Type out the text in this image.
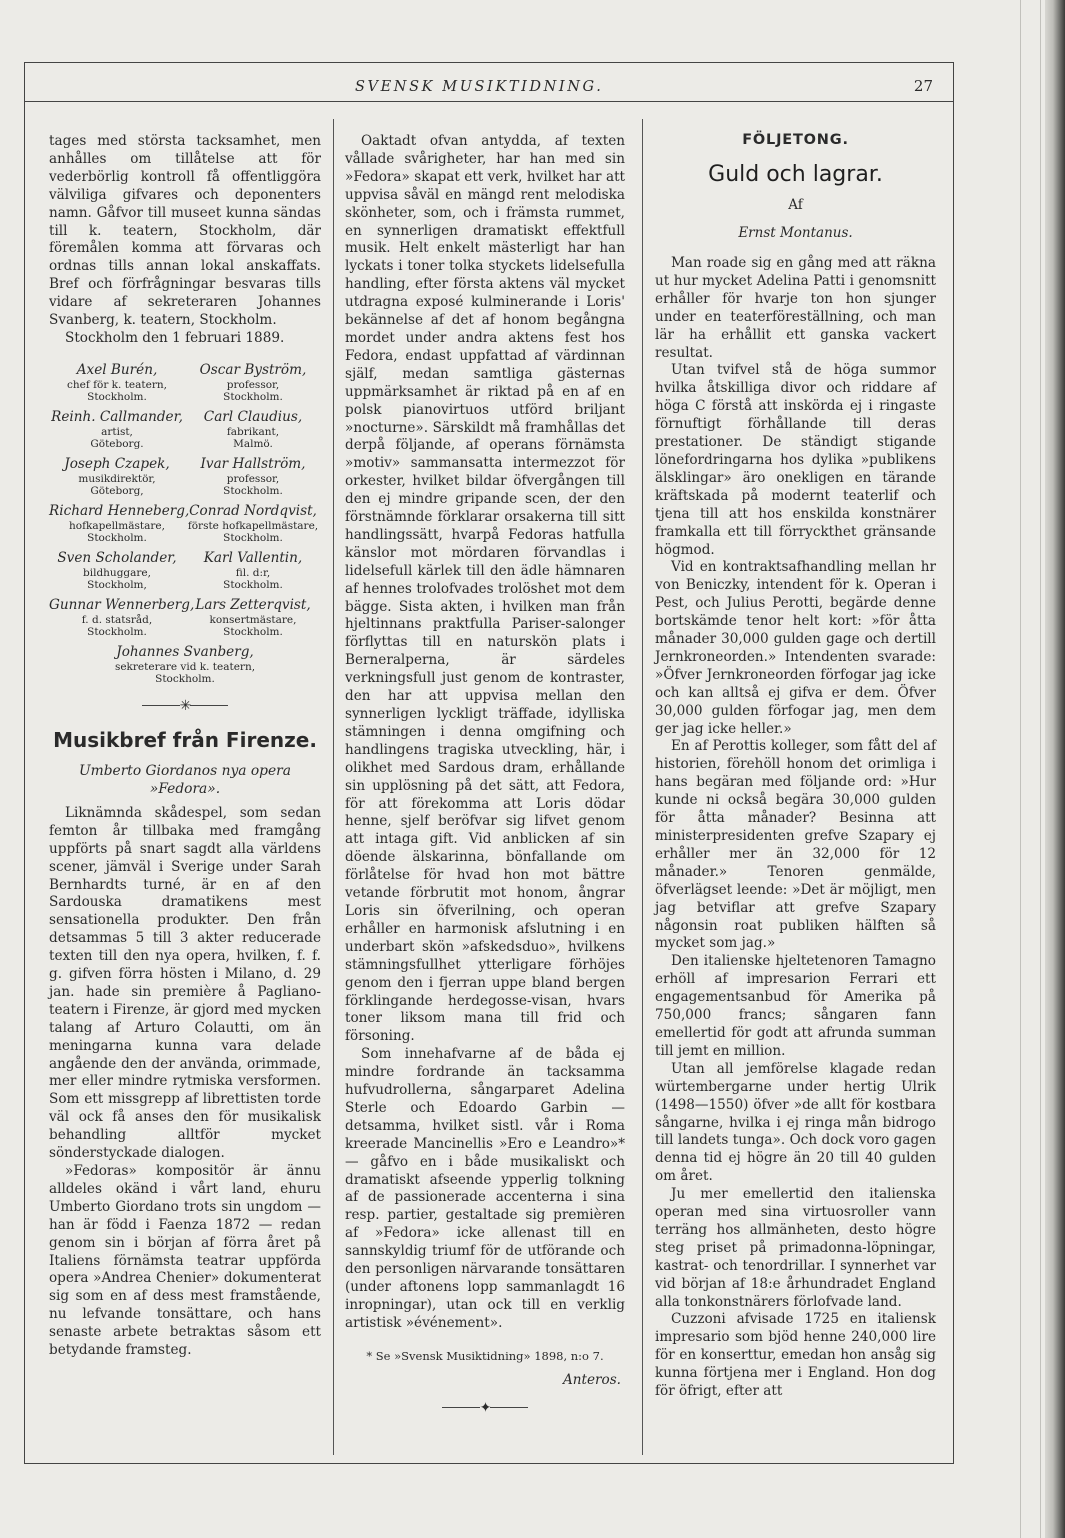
SVENSK MUSIKTIDNING.	27

tages med största tacksamhet, men anhålles om tillåtelse att för vederbörlig kontroll få offentliggöra välviliga gifvares och deponenters namn. Gåfvor till museet kunna sändas till k. teatern, Stockholm, där föremålen komma att förvaras och ordnas tills annan lokal anskaffats. Bref och förfrågningar besvaras tills vidare af sekreteraren Johannes Svanberg, k. teatern, Stockholm.

Stockholm den 1 februari 1889.

Axel Burén,
chef för k. teatern,
Stockholm.
Oscar Byström,
professor,
Stockholm.
Reinh. Callmander,
artist,
Göteborg.
Carl Claudius,
fabrikant,
Malmö.
Joseph Czapek,
musikdirektör,
Göteborg,
Ivar Hallström,
professor,
Stockholm.
Richard Henneberg,
hofkapellmästare,
Stockholm.
Conrad Nordqvist,
förste hofkapellmästare,
Stockholm.
Sven Scholander,
bildhuggare,
Stockholm,
Karl Vallentin,
fil. d:r,
Stockholm.
Gunnar Wennerberg,
f. d. statsråd,
Stockholm.
Lars Zetterqvist,
konsertmästare,
Stockholm.
Johannes Svanberg,
sekreterare vid k. teatern,
Stockholm.
✳
Musikbref från Firenze.
Umberto Giordanos nya opera »Fedora».

Liknämnda skådespel, som sedan femton år tillbaka med framgång uppförts på snart sagdt alla världens scener, jämväl i Sverige under Sarah Bernhardts turné, är en af den Sardouska dramatikens mest sensationella produkter. Den från detsammas 5 till 3 akter reducerade texten till den nya opera, hvilken, f. f. g. gifven förra hösten i Milano, d. 29 jan. hade sin première å Pagliano-teatern i Firenze, är gjord med mycken talang af Arturo Colautti, om än meningarna kunna vara delade angående den der använda, orimmade, mer eller mindre rytmiska versformen. Som ett missgrepp af librettisten torde väl ock få anses den för musikalisk behandling alltför mycket sönderstyckade dialogen.

»Fedoras» kompositör är ännu alldeles okänd i vårt land, ehuru Umberto Giordano trots sin ungdom — han är född i Faenza 1872 — redan genom sin i början af förra året på Italiens förnämsta teatrar uppförda opera »Andrea Chenier» dokumenterat sig som en af dess mest framstående, nu lefvande tonsättare, och hans senaste arbete betraktas såsom ett betydande framsteg.

Oaktadt ofvan antydda, af texten vållade svårigheter, har han med sin »Fedora» skapat ett verk, hvilket har att uppvisa såväl en mängd rent melodiska skönheter, som, och i främsta rummet, en synnerligen dramatiskt effektfull musik. Helt enkelt mästerligt har han lyckats i toner tolka styckets lidelsefulla handling, efter första aktens väl mycket utdragna exposé kulminerande i Loris' bekännelse af det af honom begångna mordet under andra aktens fest hos Fedora, endast uppfattad af värdinnan själf, medan samtliga gästernas uppmärksamhet är riktad på en af en polsk pianovirtuos utförd briljant »nocturne». Särskildt må framhållas det derpå följande, af operans förnämsta »motiv» sammansatta intermezzot för orkester, hvilket bildar öfvergången till den ej mindre gripande scen, der den förstnämnde förklarar orsakerna till sitt handlingssätt, hvarpå Fedoras hatfulla känslor mot mördaren förvandlas i lidelsefull kärlek till den ädle hämnaren af hennes trolofvades trolöshet mot dem bägge. Sista akten, i hvilken man från hjeltinnans praktfulla Pariser-salonger förflyttas till en naturskön plats i Berneralperna, är särdeles verkningsfull just genom de kontraster, den har att uppvisa mellan den synnerligen lyckligt träffade, idylliska stämningen i denna omgifning och handlingens tragiska utveckling, här, i olikhet med Sardous dram, erhållande sin upplösning på det sätt, att Fedora, för att förekomma att Loris dödar henne, sjelf beröfvar sig lifvet genom att intaga gift. Vid anblicken af sin döende älskarinna, bönfallande om förlåtelse för hvad hon mot bättre vetande förbrutit mot honom, ångrar Loris sin öfverilning, och operan erhåller en harmonisk afslutning i en underbart skön »afskedsduo», hvilkens stämningsfullhet ytterligare förhöjes genom den i fjerran uppe bland bergen förklingande herdegosse-visan, hvars toner liksom mana till frid och försoning.

Som innehafvarne af de båda ej mindre fordrande än tacksamma hufvudrollerna, sångarparet Adelina Sterle och Edoardo Garbin — detsamma, hvilket sistl. vår i Roma kreerade Mancinellis »Ero e Leandro»* — gåfvo en i både musikaliskt och dramatiskt afseende ypperlig tolkning af de passionerade accenterna i sina resp. partier, gestaltade sig premièren af »Fedora» icke allenast till en sannskyldig triumf för de utförande och den personligen närvarande tonsättaren (under aftonens lopp sammanlagdt 16 inropningar), utan ock till en verklig artistisk »événement».

* Se »Svensk Musiktidning» 1898, n:o 7.
Anteros.
✦
FÖLJETONG.
Guld och lagrar.
Af
Ernst Montanus.

Man roade sig en gång med att räkna ut hur mycket Adelina Patti i genomsnitt erhåller för hvarje ton hon sjunger under en teaterföreställning, och man lär ha erhållit ett ganska vackert resultat.

Utan tvifvel stå de höga summor hvilka åtskilliga divor och riddare af höga C förstå att inskörda ej i ringaste förnuftigt förhållande till deras prestationer. De ständigt stigande lönefordringarna hos dylika »publikens älsklingar» äro onekligen en tärande kräftskada på modernt teaterlif och tjena till att hos enskilda konstnärer framkalla ett till förryckthet gränsande högmod.

Vid en kontraktsafhandling mellan hr von Beniczky, intendent för k. Operan i Pest, och Julius Perotti, begärde denne bortskämde tenor helt kort: »för åtta månader 30,000 gulden gage och dertill Jernkroneorden.» Intendenten svarade: »Öfver Jernkroneorden förfogar jag icke och kan alltså ej gifva er dem. Öfver 30,000 gulden förfogar jag, men dem ger jag icke heller.»

En af Perottis kolleger, som fått del af historien, förehöll honom det orimliga i hans begäran med följande ord: »Hur kunde ni också begära 30,000 gulden för åtta månader? Besinna att ministerpresidenten grefve Szapary ej erhåller mer än 32,000 för 12 månader.» Tenoren genmälde, öfverlägset leende: »Det är möjligt, men jag betviflar att grefve Szapary någonsin roat publiken hälften så mycket som jag.»

Den italienske hjeltetenoren Tamagno erhöll af impresarion Ferrari ett engagementsanbud för Amerika på 750,000 francs; sångaren fann emellertid för godt att afrunda summan till jemt en million.

Utan all jemförelse klagade redan würtembergarne under hertig Ulrik (1498—1550) öfver »de allt för kostbara sångarne, hvilka i ej ringa mån bidrogo till landets tunga». Och dock voro gagen denna tid ej högre än 20 till 40 gulden om året.

Ju mer emellertid den italienska operan med sina virtuosroller vann terräng hos allmänheten, desto högre steg priset på primadonna-löpningar, kastrat- och tenordrillar. I synnerhet var vid början af 18:e århundradet England alla tonkonstnärers förlofvade land.

Cuzzoni afvisade 1725 en italiensk impresario som bjöd henne 240,000 lire för en konserttur, emedan hon ansåg sig kunna förtjena mer i England. Hon dog för öfrigt, efter att
